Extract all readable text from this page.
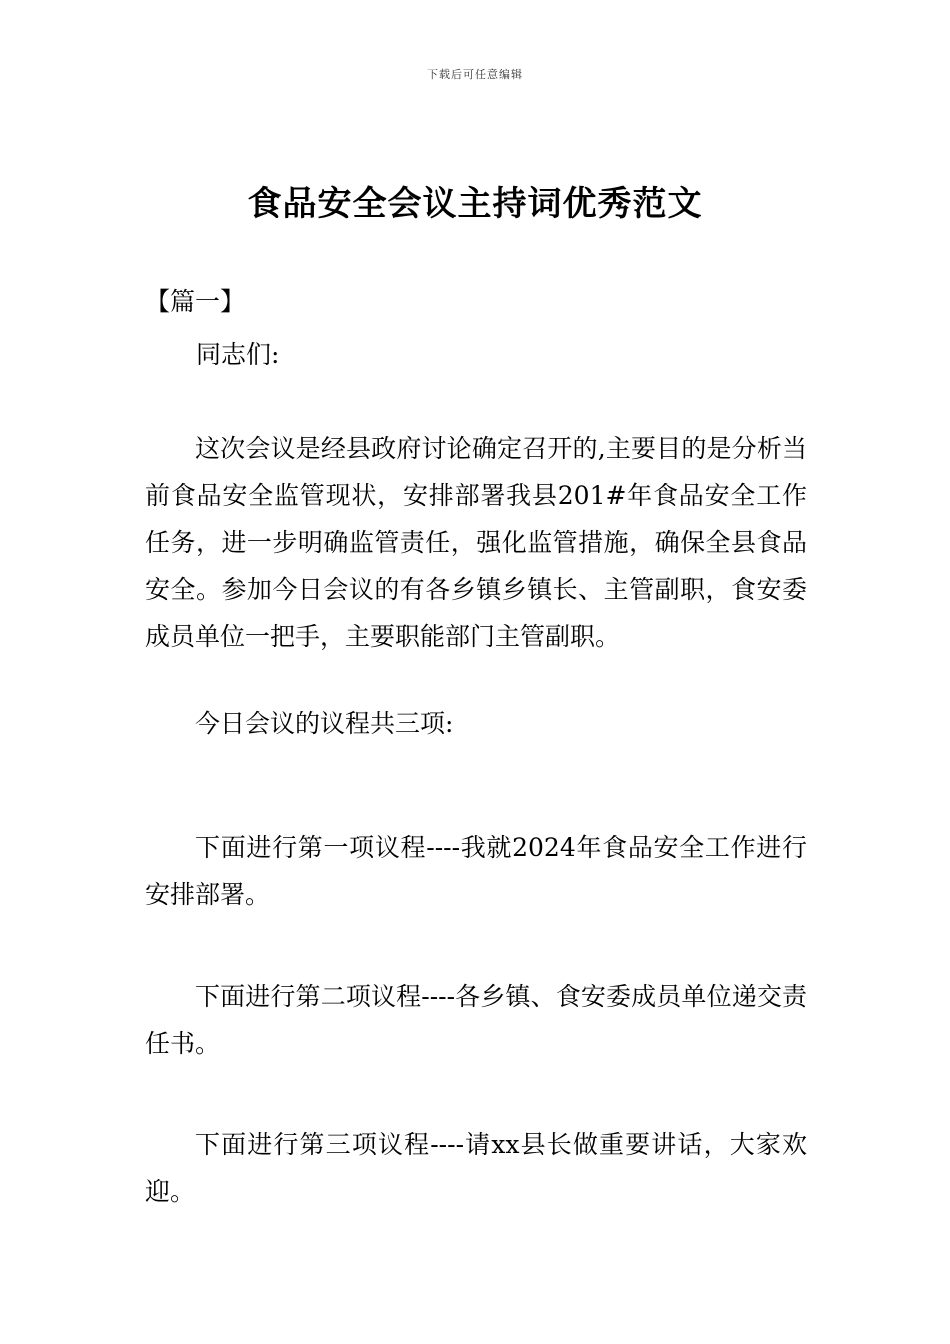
下载后可任意编辑
食品安全会议主持词优秀范文
【篇一】
同志们:

这次会议是经县政府讨论确定召开的,主要目的是分析当前食品安全监管现状，安排部署我县201#年食品安全工作任务，进一步明确监管责任，强化监管措施，确保全县食品安全。参加今日会议的有各乡镇乡镇长、主管副职，食安委成员单位一把手，主要职能部门主管副职。

今日会议的议程共三项:

下面进行第一项议程----我就2024年食品安全工作进行安排部署。

下面进行第二项议程----各乡镇、食安委成员单位递交责任书。

下面进行第三项议程----请xx县长做重要讲话，大家欢迎。
